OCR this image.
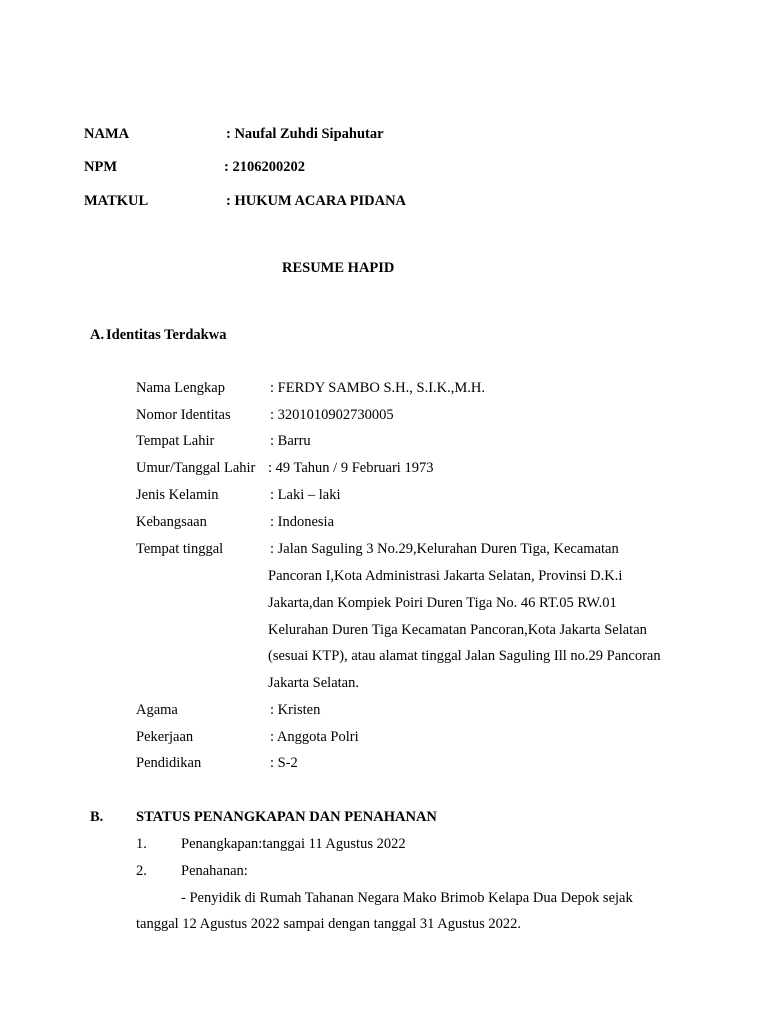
NAMA	: Naufal Zuhdi Sipahutar
NPM	: 2106200202
MATKUL	: HUKUM ACARA PIDANA
RESUME HAPID
A. Identitas Terdakwa
Nama Lengkap	: FERDY SAMBO S.H., S.I.K.,M.H.
Nomor Identitas	: 3201010902730005
Tempat Lahir	: Barru
Umur/Tanggal Lahir : 49 Tahun / 9 Februari 1973
Jenis Kelamin	: Laki – laki
Kebangsaan	: Indonesia
Tempat tinggal	: Jalan Saguling 3 No.29,Kelurahan Duren Tiga, Kecamatan
Pancoran I,Kota Administrasi Jakarta Selatan, Provinsi D.K.i
Jakarta,dan Kompiek Poiri Duren Tiga No. 46 RT.05 RW.01
Kelurahan Duren Tiga Kecamatan Pancoran,Kota Jakarta Selatan
(sesuai KTP), atau alamat tinggal Jalan Saguling Ill no.29 Pancoran
Jakarta Selatan.
Agama	: Kristen
Pekerjaan	: Anggota Polri
Pendidikan	: S-2
B. STATUS PENANGKAPAN DAN PENAHANAN
1. Penangkapan:tanggai 11 Agustus 2022
2. Penahanan:
- Penyidik di Rumah Tahanan Negara Mako Brimob Kelapa Dua Depok sejak
tanggal 12 Agustus 2022 sampai dengan tanggal 31 Agustus 2022.
